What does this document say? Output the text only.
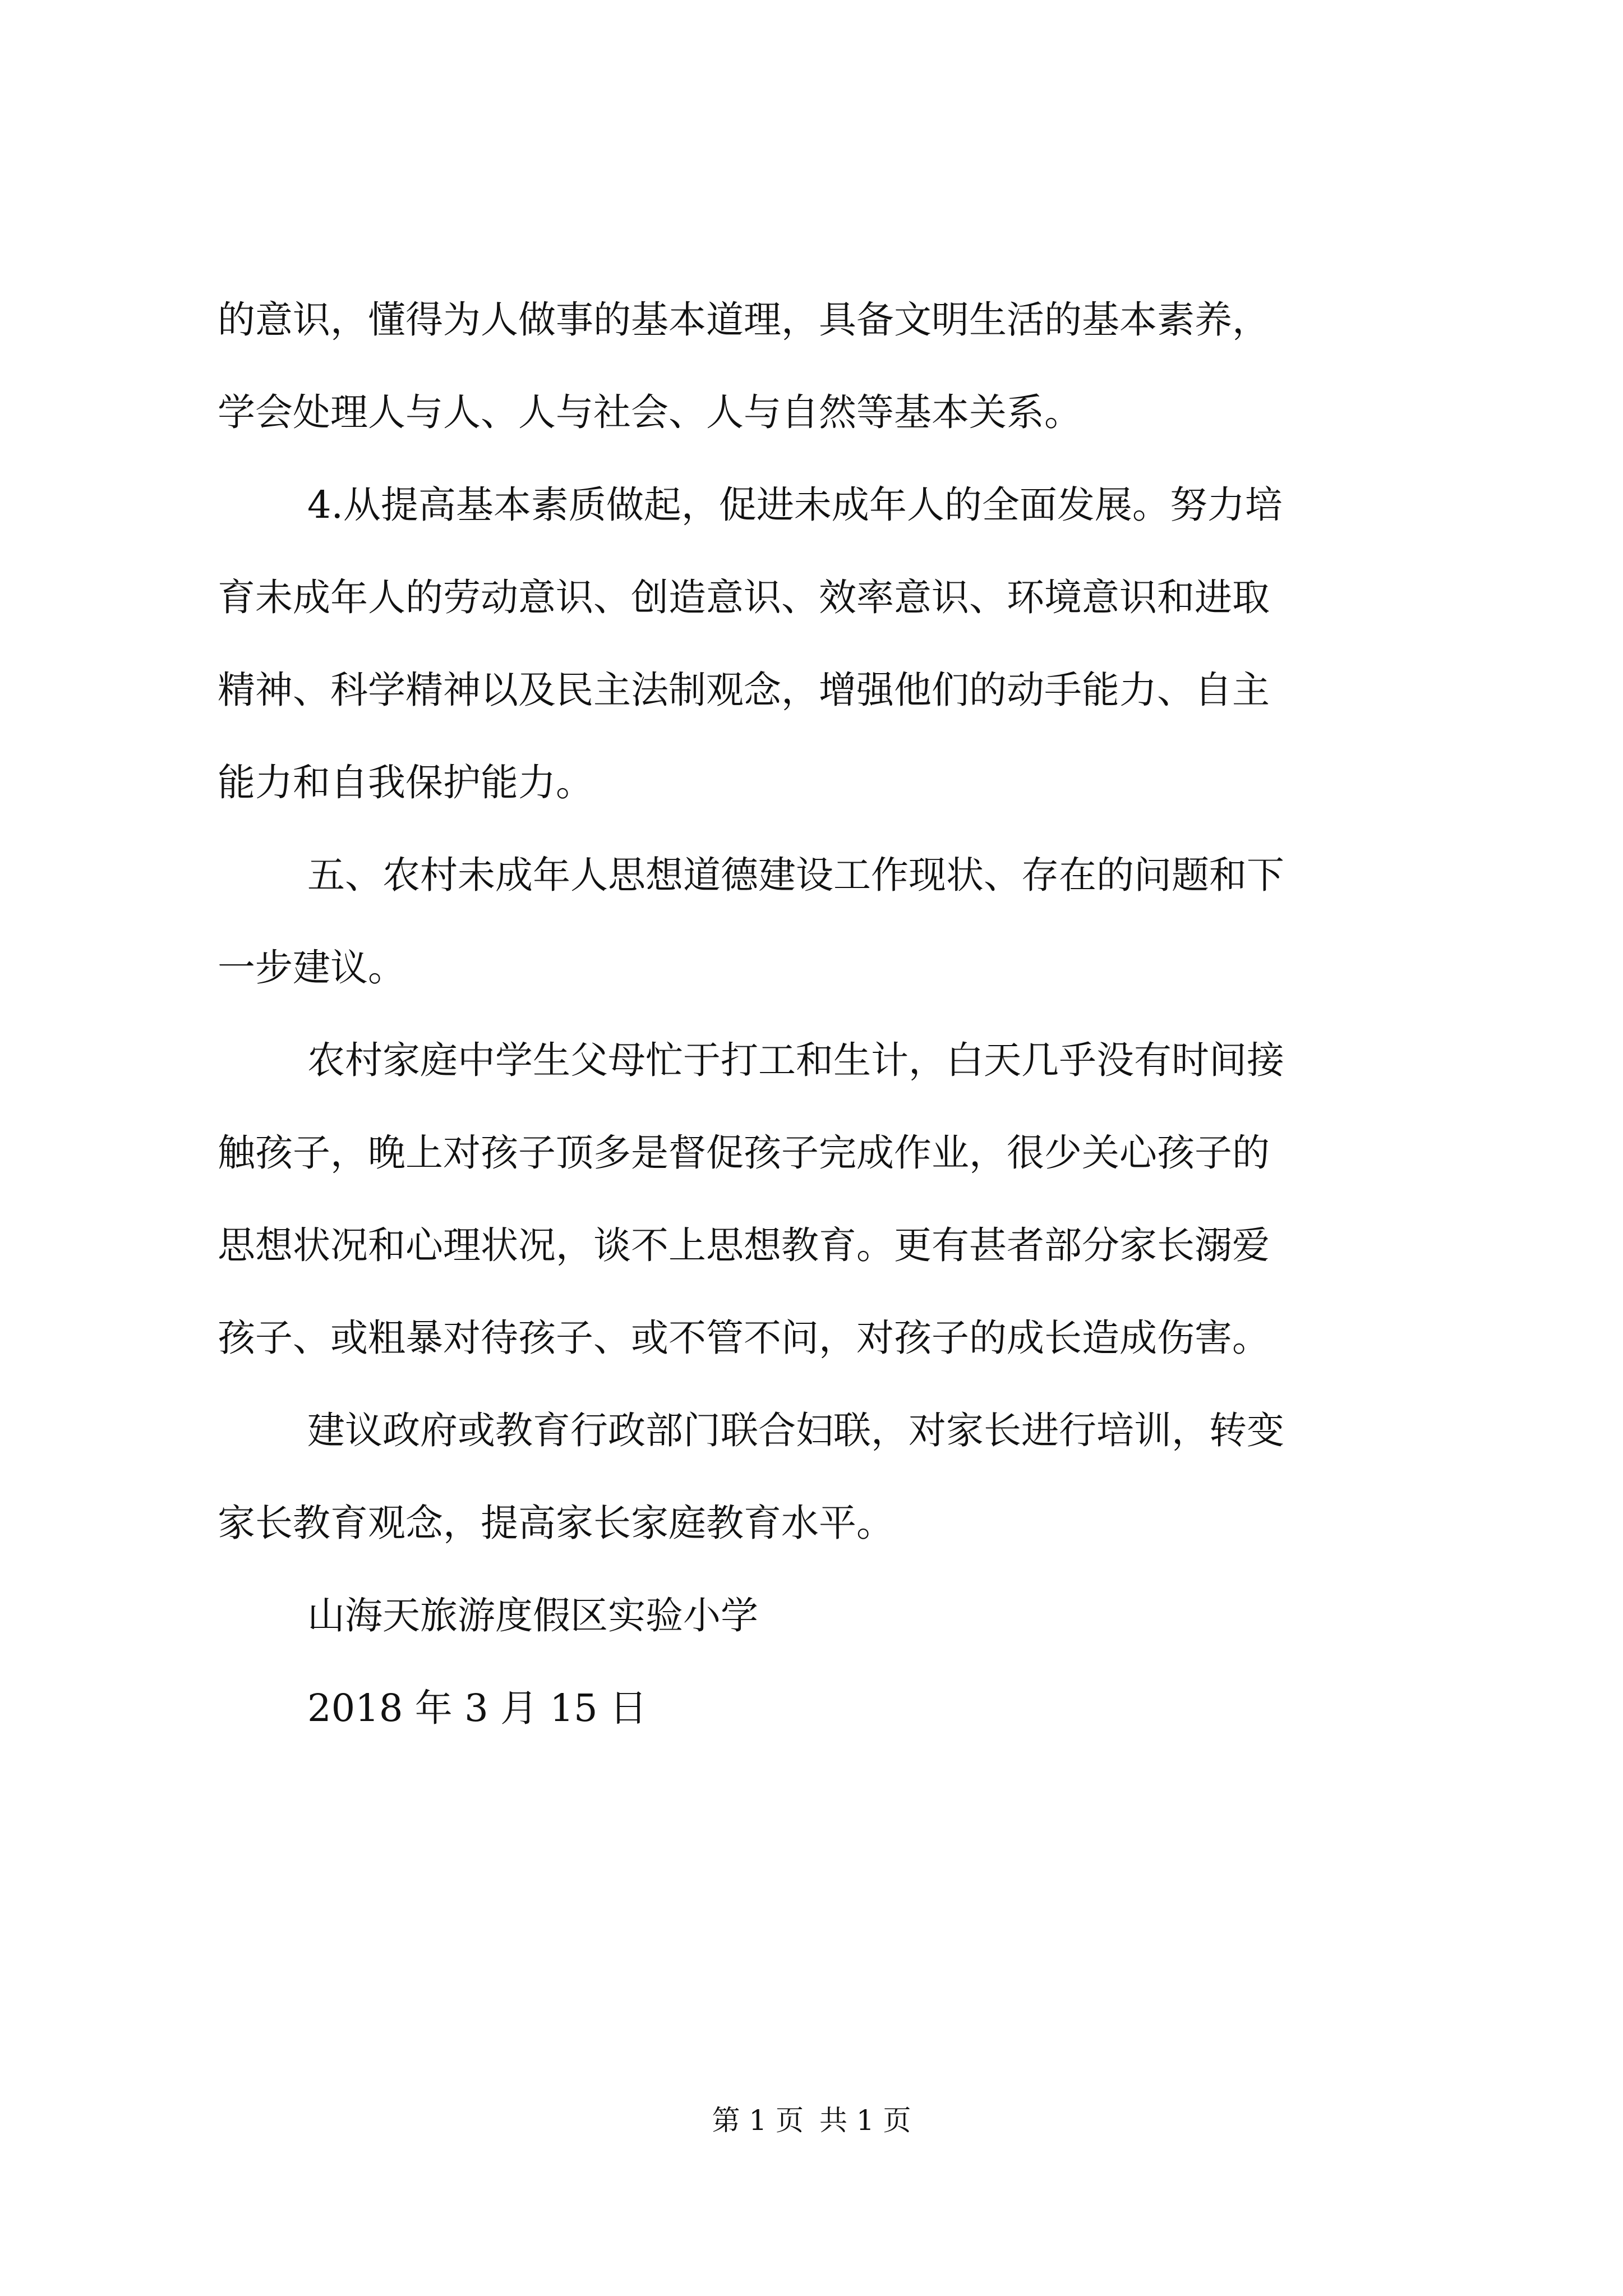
的意识，懂得为人做事的基本道理，具备文明生活的基本素养，
学会处理人与人、人与社会、人与自然等基本关系。
4.从提高基本素质做起，促进未成年人的全面发展。努力培
育未成年人的劳动意识、创造意识、效率意识、环境意识和进取
精神、科学精神以及民主法制观念，增强他们的动手能力、自主
能力和自我保护能力。
五、农村未成年人思想道德建设工作现状、存在的问题和下
一步建议。
农村家庭中学生父母忙于打工和生计，白天几乎没有时间接
触孩子，晚上对孩子顶多是督促孩子完成作业，很少关心孩子的
思想状况和心理状况，谈不上思想教育。更有甚者部分家长溺爱
孩子、或粗暴对待孩子、或不管不问，对孩子的成长造成伤害。
建议政府或教育行政部门联合妇联，对家长进行培训，转变
家长教育观念，提高家长家庭教育水平。
山海天旅游度假区实验小学
2018 年 3 月 15 日
第 1 页 共 1 页
